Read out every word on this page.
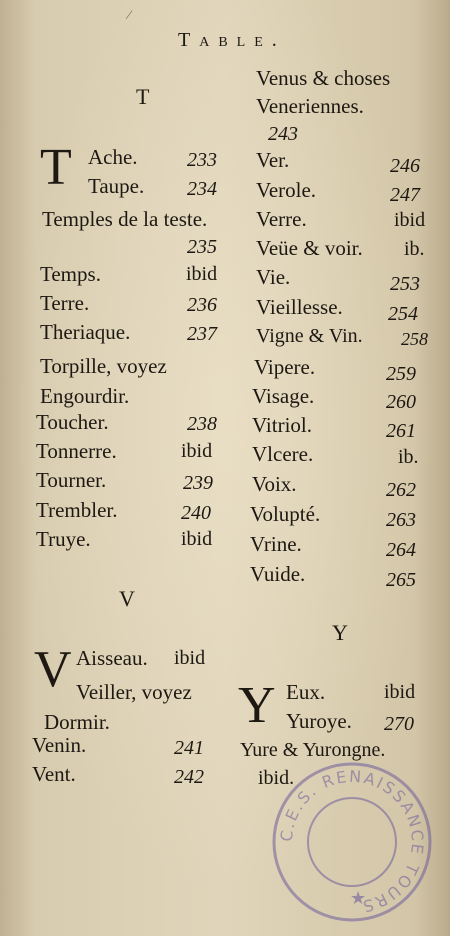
⁄
Table.
T
T Ache. 233
Taupe. 234
Temples de la teste.
235
Temps.	ibid
Terre.	236
Theriaque.	237
Torpille, voyez Engourdir.
Toucher.	238
Tonnerre.	ibid
Tourner.	239
Trembler.	240
Truye.	ibid
V
V Aisseau. ibid
Veiller, voyez Dormir.
Venin.	241
Vent.	242
Venus & choses Veneriennes.
243
Ver.	246
Verole.	247
Verre.	ibid
Veüe & voir. ib.
Vie.	253
Vieillesse. 254
Vigne & Vin. 258
Vipere.	259
Visage.	260
Vitriol.	261
Vlcere.	ib.
Voix.	262
Volupté.	263
Vrine.	264
Vuide.	265
Y
Y Eux.	ibid
Yuroye. 270
Yure & Yurongne.
ibid.
C.E.S. RENAISSANCE TOURS
★
